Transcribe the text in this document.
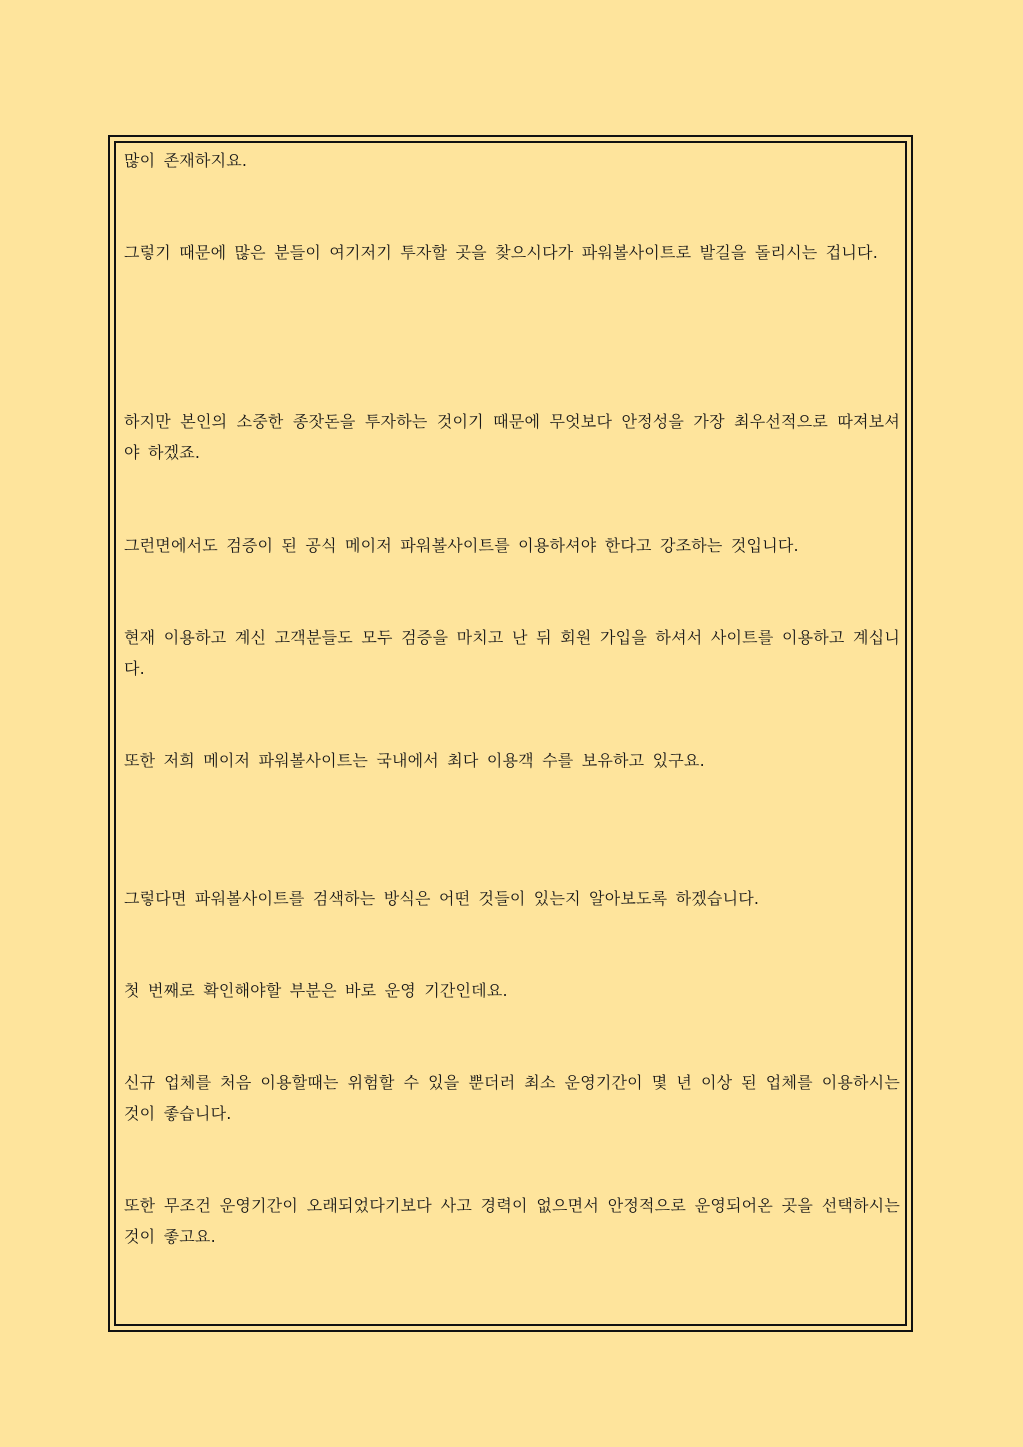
많이 존재하지요.

그렇기 때문에 많은 분들이 여기저기 투자할 곳을 찾으시다가 파워볼사이트로 발길을 돌리시는 겁니다.

하지만 본인의 소중한 종잣돈을 투자하는 것이기 때문에 무엇보다 안정성을 가장 최우선적으로 따져보셔야 하겠죠.

그런면에서도 검증이 된 공식 메이저 파워볼사이트를 이용하셔야 한다고 강조하는 것입니다.

현재 이용하고 계신 고객분들도 모두 검증을 마치고 난 뒤 회원 가입을 하셔서 사이트를 이용하고 계십니다.

또한 저희 메이저 파워볼사이트는 국내에서 최다 이용객 수를 보유하고 있구요.

그렇다면 파워볼사이트를 검색하는 방식은 어떤 것들이 있는지 알아보도록 하겠습니다.

첫 번째로 확인해야할 부분은 바로 운영 기간인데요.

신규 업체를 처음 이용할때는 위험할 수 있을 뿐더러 최소 운영기간이 몇 년 이상 된 업체를 이용하시는 것이 좋습니다.

또한 무조건 운영기간이 오래되었다기보다 사고 경력이 없으면서 안정적으로 운영되어온 곳을 선택하시는 것이 좋고요.
